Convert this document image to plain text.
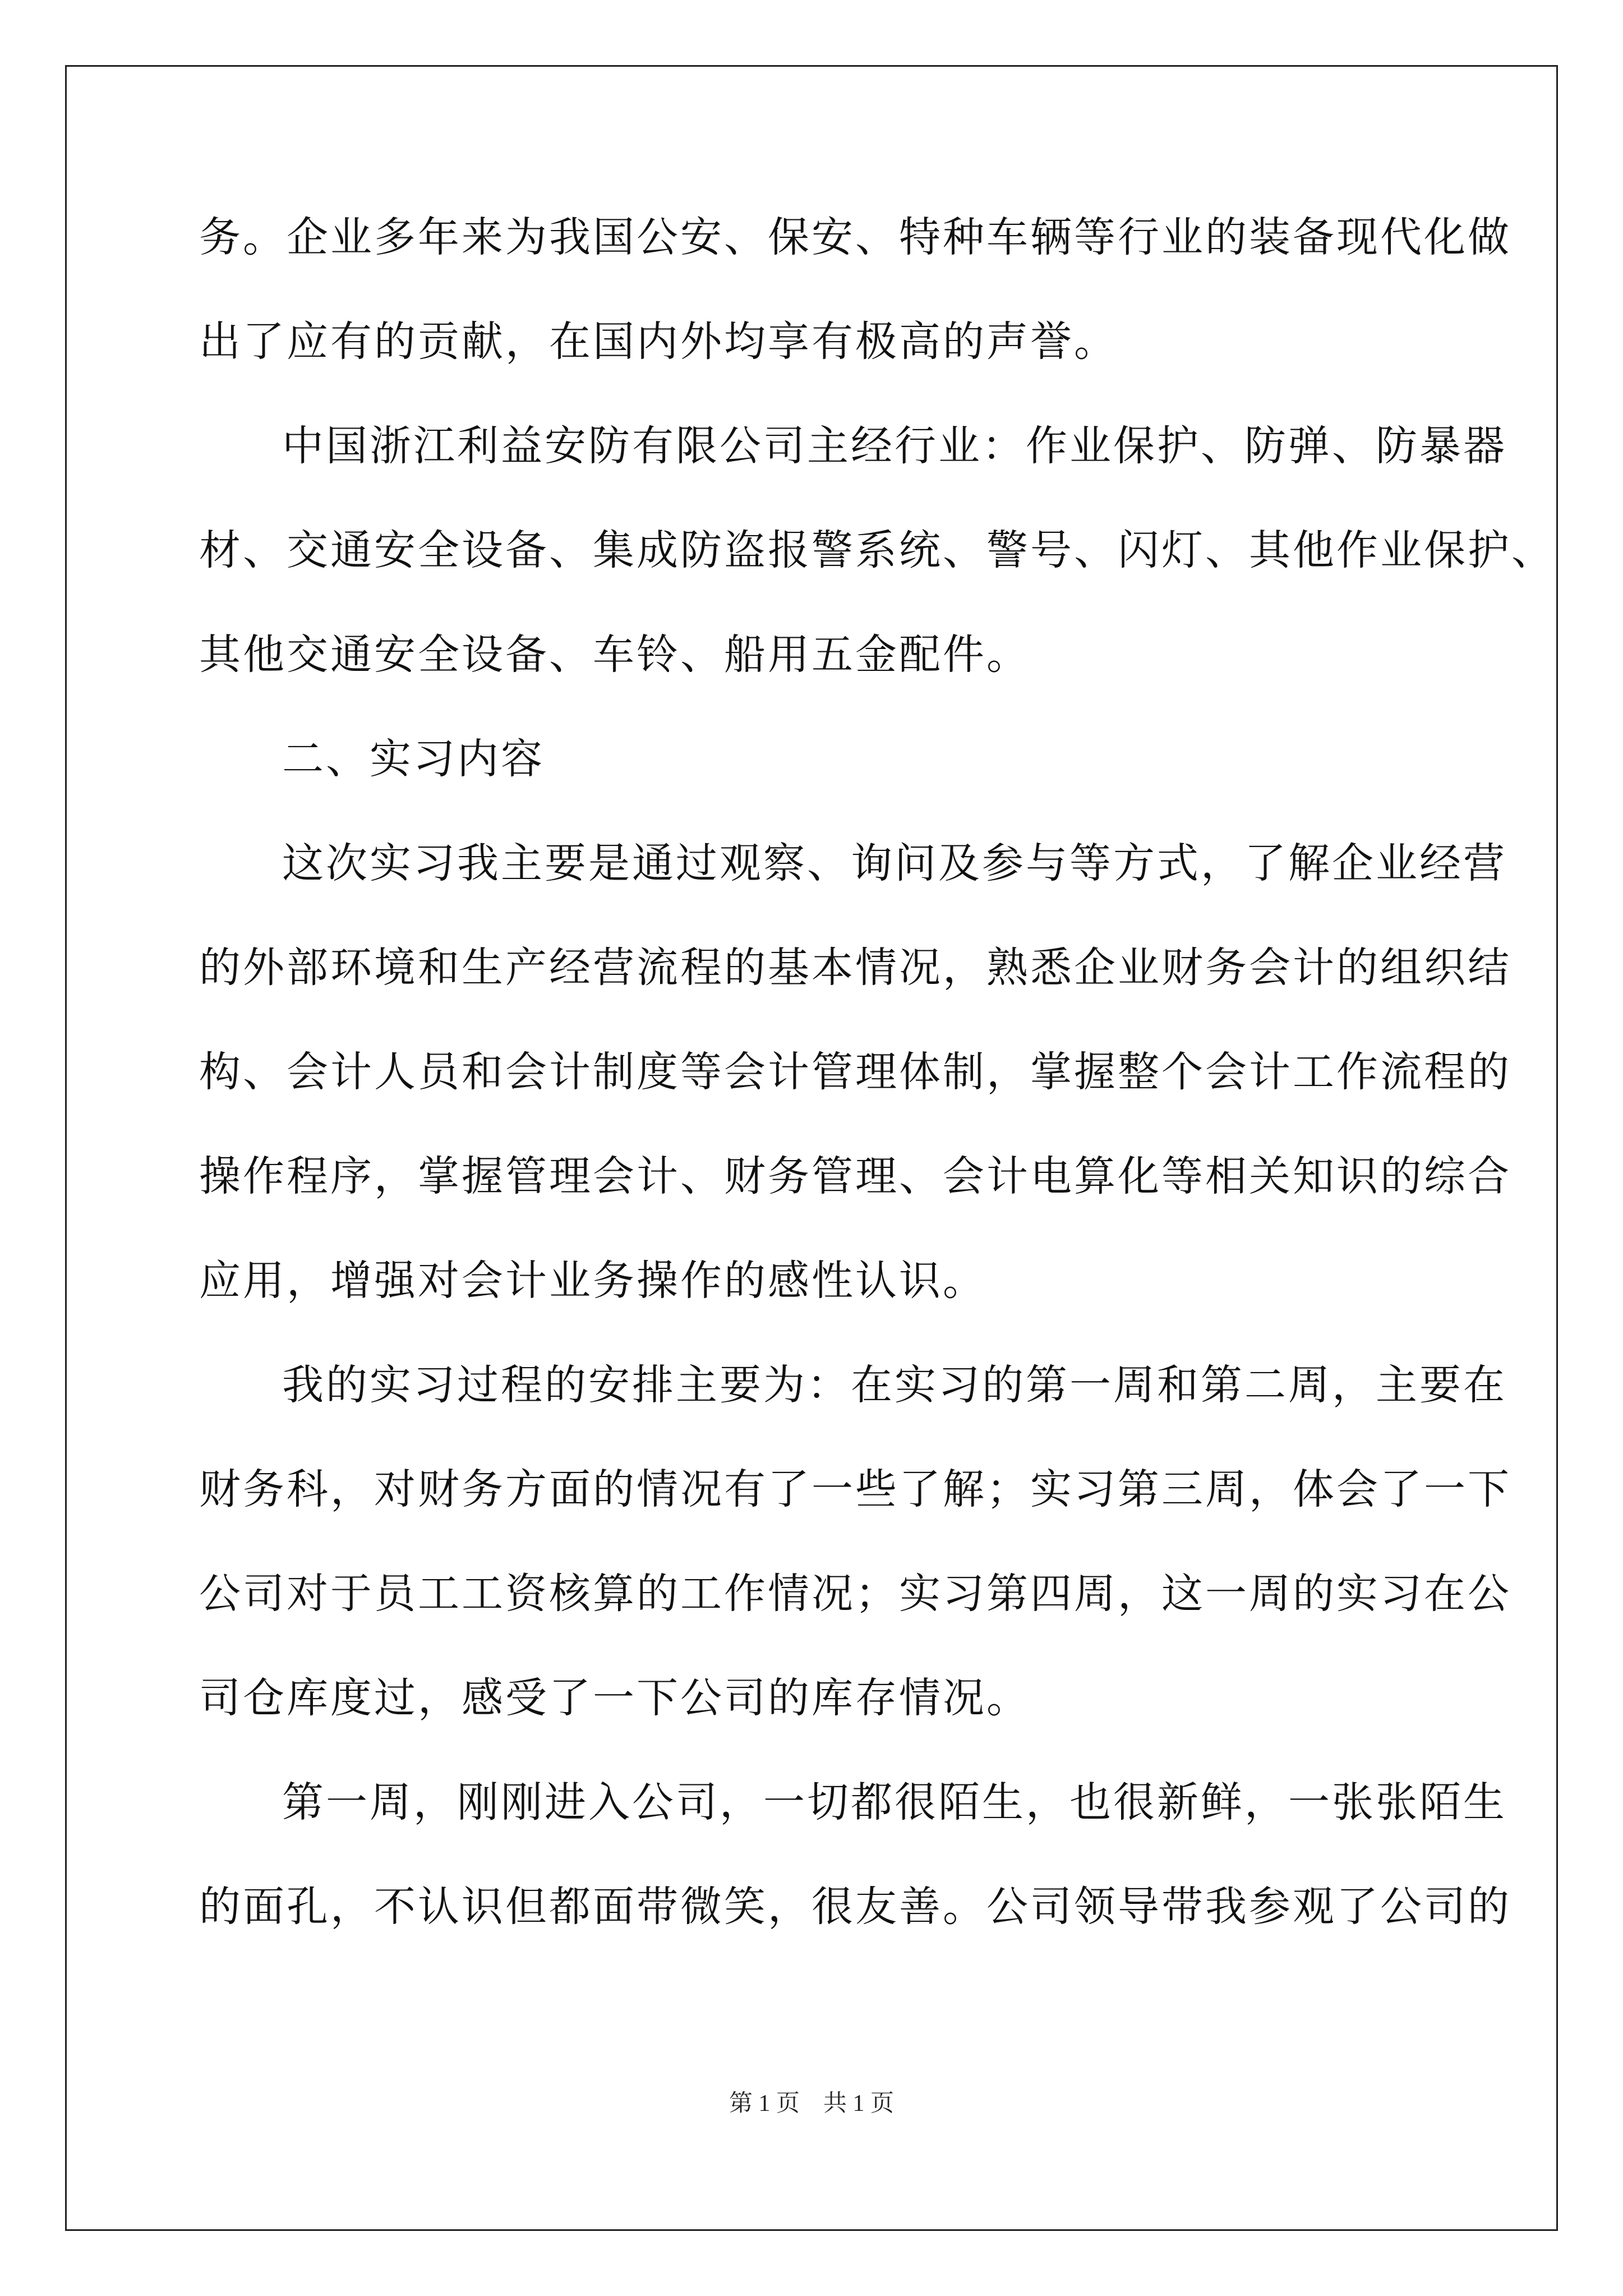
务。企业多年来为我国公安、保安、特种车辆等行业的装备现代化做
出了应有的贡献，在国内外均享有极高的声誉。
中国浙江利益安防有限公司主经行业：作业保护、防弹、防暴器
材、交通安全设备、集成防盗报警系统、警号、闪灯、其他作业保护、
其他交通安全设备、车铃、船用五金配件。
二、实习内容
这次实习我主要是通过观察、询问及参与等方式，了解企业经营
的外部环境和生产经营流程的基本情况，熟悉企业财务会计的组织结
构、会计人员和会计制度等会计管理体制，掌握整个会计工作流程的
操作程序，掌握管理会计、财务管理、会计电算化等相关知识的综合
应用，增强对会计业务操作的感性认识。
我的实习过程的安排主要为：在实习的第一周和第二周，主要在
财务科，对财务方面的情况有了一些了解；实习第三周，体会了一下
公司对于员工工资核算的工作情况；实习第四周，这一周的实习在公
司仓库度过，感受了一下公司的库存情况。
第一周，刚刚进入公司，一切都很陌生，也很新鲜，一张张陌生
的面孔，不认识但都面带微笑，很友善。公司领导带我参观了公司的
第 1 页　共 1 页
